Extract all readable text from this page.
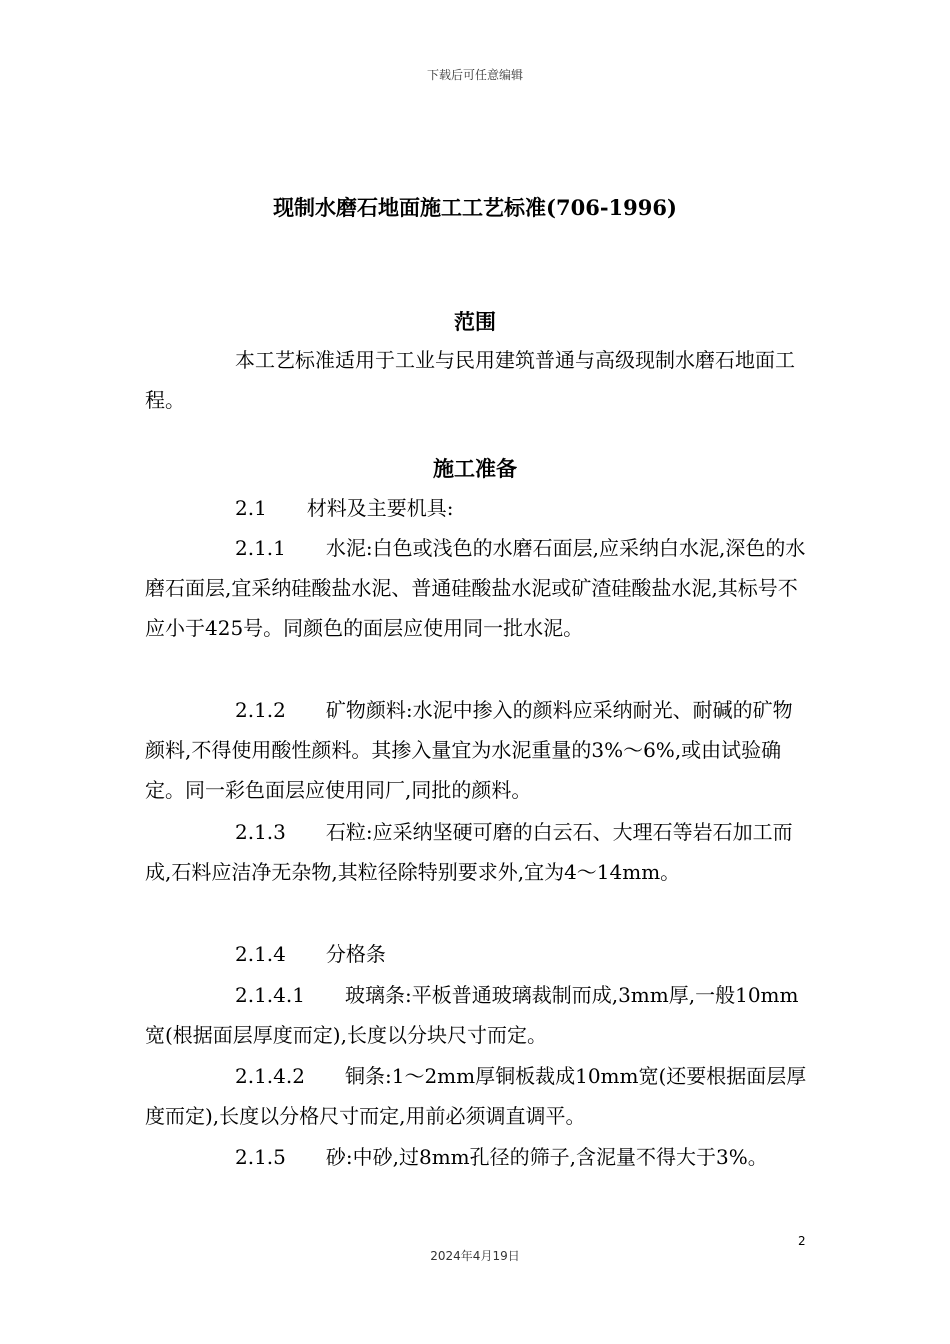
下载后可任意编辑
现制水磨石地面施工工艺标准(706-1996)
范围

本工艺标准适用于工业与民用建筑普通与高级现制水磨石地面工程。

施工准备

2.1 材料及主要机具:

2.1.1 水泥:白色或浅色的水磨石面层,应采纳白水泥,深色的水磨石面层,宜采纳硅酸盐水泥、普通硅酸盐水泥或矿渣硅酸盐水泥,其标号不应小于425号。同颜色的面层应使用同一批水泥。

2.1.2 矿物颜料:水泥中掺入的颜料应采纳耐光、耐碱的矿物颜料,不得使用酸性颜料。其掺入量宜为水泥重量的3%～6%,或由试验确定。同一彩色面层应使用同厂,同批的颜料。

2.1.3 石粒:应采纳坚硬可磨的白云石、大理石等岩石加工而成,石料应洁净无杂物,其粒径除特别要求外,宜为4～14mm。

2.1.4 分格条

2.1.4.1 玻璃条:平板普通玻璃裁制而成,3mm厚,一般10mm宽(根据面层厚度而定),长度以分块尺寸而定。

2.1.4.2 铜条:1～2mm厚铜板裁成10mm宽(还要根据面层厚度而定),长度以分格尺寸而定,用前必须调直调平。

2.1.5 砂:中砂,过8mm孔径的筛子,含泥量不得大于3%。

2
2024年4月19日
